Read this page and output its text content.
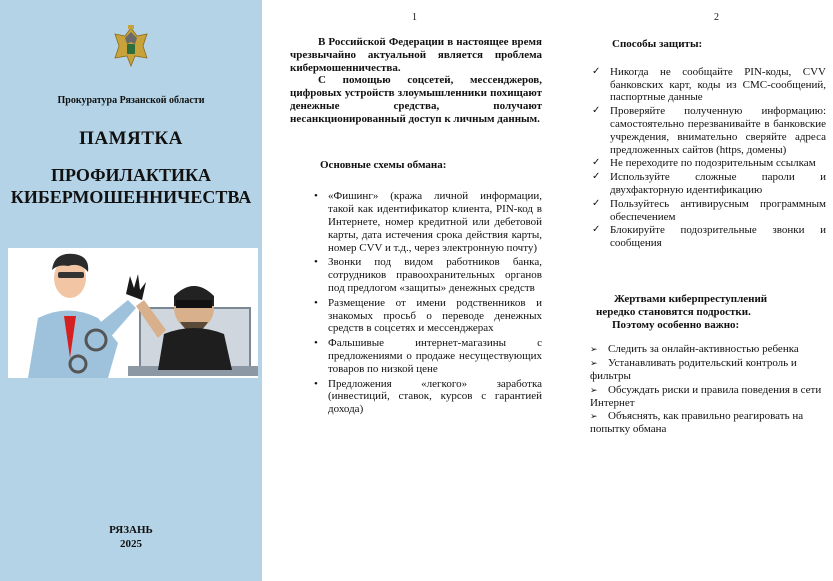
Прокуратура Рязанской области
ПАМЯТКА
ПРОФИЛАКТИКА
КИБЕРМОШЕННИЧЕСТВА
РЯЗАНЬ
2025
1

В Российской Федерации в настоящее время чрезвычайно актуальной является проблема кибермошенничества.

С помощью соцсетей, мессенджеров, цифровых устройств злоумышленники похищают денежные средства, получают несанкционированный доступ к личным данным.

Основные схемы обмана:
• «Фишинг» (кража личной информации, такой как идентификатор клиента, PIN-код в Интернете, номер кредитной или дебетовой карты, дата истечения срока действия карты, номер CVV и т.д., через электронную почту)
• Звонки под видом работников банка, сотрудников правоохранительных органов под предлогом «защиты» денежных средств
• Размещение от имени родственников и знакомых просьб о переводе денежных средств в соцсетях и мессенджерах
• Фальшивые интернет-магазины с предложениями о продаже несуществующих товаров по низкой цене
• Предложения «легкого» заработка (инвестиций, ставок, курсов с гарантией дохода)
2
Способы защиты:
✓ Никогда не сообщайте PIN-коды, CVV банковских карт, коды из СМС-сообщений, паспортные данные
✓ Проверяйте полученную информацию: самостоятельно перезванивайте в банковские учреждения, внимательно сверяйте адреса предложенных сайтов (https, домены)
✓ Не переходите по подозрительным ссылкам
✓ Используйте сложные пароли и двухфакторную идентификацию
✓ Пользуйтесь антивирусным программным обеспечением
✓ Блокируйте подозрительные звонки и сообщения

Жертвами киберпреступлений

нередко становятся подростки.

Поэтому особенно важно:

➢ Следить за онлайн-активностью ребенка
➢ Устанавливать родительский контроль и фильтры
➢ Обсуждать риски и правила поведения в сети Интернет
➢ Объяснять, как правильно реагировать на попытку обмана
